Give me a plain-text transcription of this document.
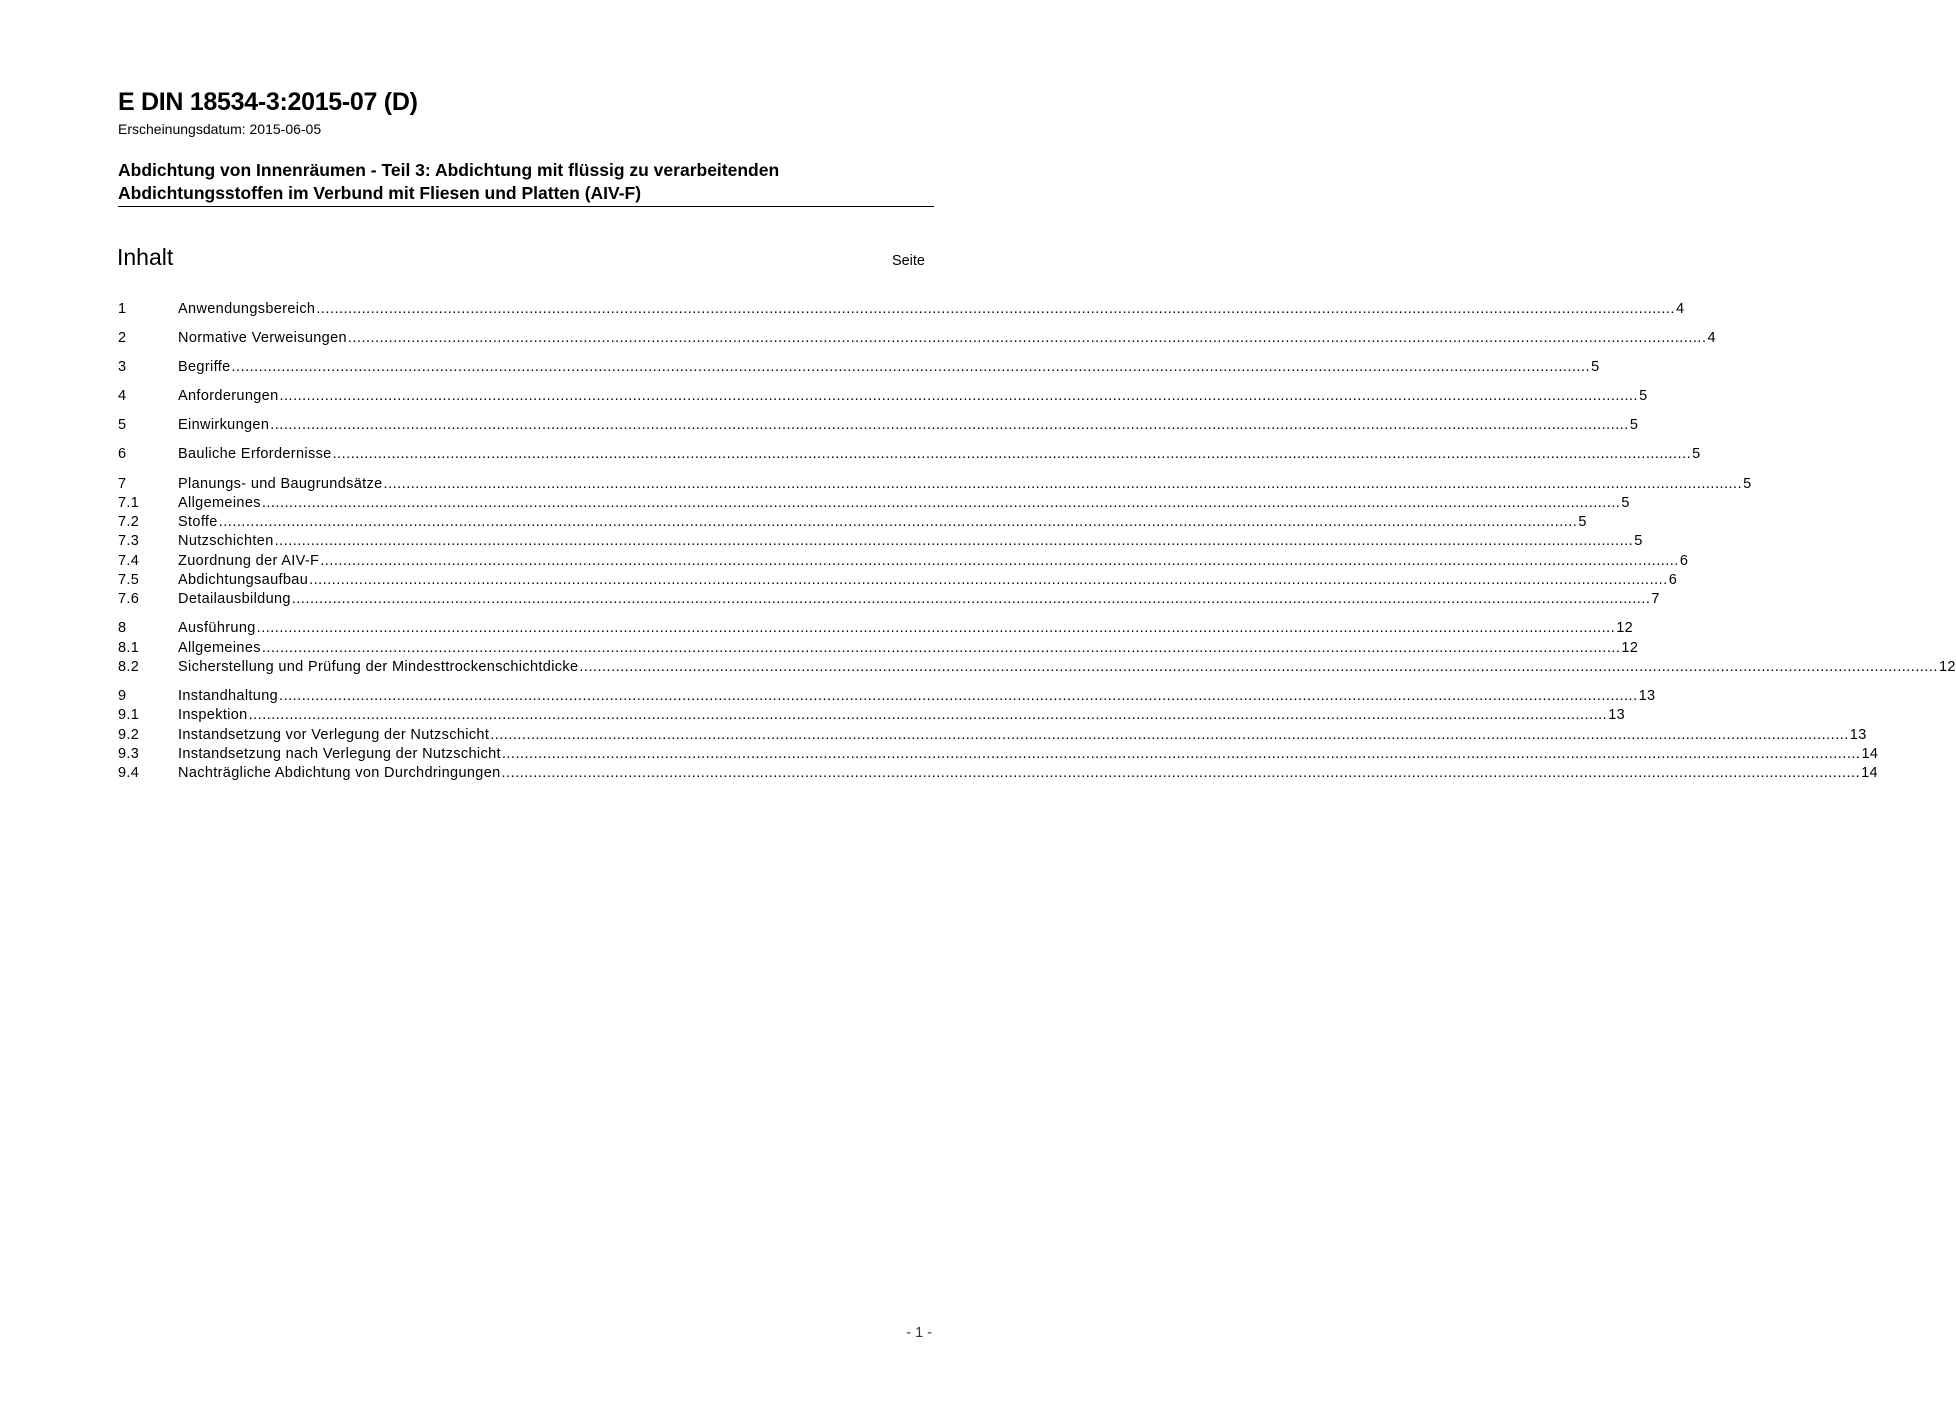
E DIN 18534-3:2015-07 (D)
Erscheinungsdatum: 2015-06-05
Abdichtung von Innenräumen - Teil 3: Abdichtung mit flüssig zu verarbeitenden
Abdichtungsstoffen im Verbund mit Fliesen und Platten (AIV-F)
Inhalt	Seite
1	Anwendungsbereich ............................................................................................................................................................................................................................................................................................................ 4
2	Normative Verweisungen ............................................................................................................................................................................................................................................................................................................ 4
3	Begriffe ............................................................................................................................................................................................................................................................................................................ 5
4	Anforderungen ............................................................................................................................................................................................................................................................................................................ 5
5	Einwirkungen ............................................................................................................................................................................................................................................................................................................ 5
6	Bauliche Erfordernisse ............................................................................................................................................................................................................................................................................................................ 5
7	Planungs- und Baugrundsätze ............................................................................................................................................................................................................................................................................................................ 5
7.1	Allgemeines ............................................................................................................................................................................................................................................................................................................ 5
7.2	Stoffe ............................................................................................................................................................................................................................................................................................................ 5
7.3	Nutzschichten ............................................................................................................................................................................................................................................................................................................ 5
7.4	Zuordnung der AIV-F ............................................................................................................................................................................................................................................................................................................ 6
7.5	Abdichtungsaufbau ............................................................................................................................................................................................................................................................................................................ 6
7.6	Detailausbildung ............................................................................................................................................................................................................................................................................................................ 7
8	Ausführung ............................................................................................................................................................................................................................................................................................................ 12
8.1	Allgemeines ............................................................................................................................................................................................................................................................................................................ 12
8.2	Sicherstellung und Prüfung der Mindesttrockenschichtdicke ............................................................................................................................................................................................................................................................................................................ 12
9	Instandhaltung ............................................................................................................................................................................................................................................................................................................ 13
9.1	Inspektion ............................................................................................................................................................................................................................................................................................................ 13
9.2	Instandsetzung vor Verlegung der Nutzschicht ............................................................................................................................................................................................................................................................................................................ 13
9.3	Instandsetzung nach Verlegung der Nutzschicht ............................................................................................................................................................................................................................................................................................................ 14
9.4	Nachträgliche Abdichtung von Durchdringungen ............................................................................................................................................................................................................................................................................................................ 14
- 1 -
